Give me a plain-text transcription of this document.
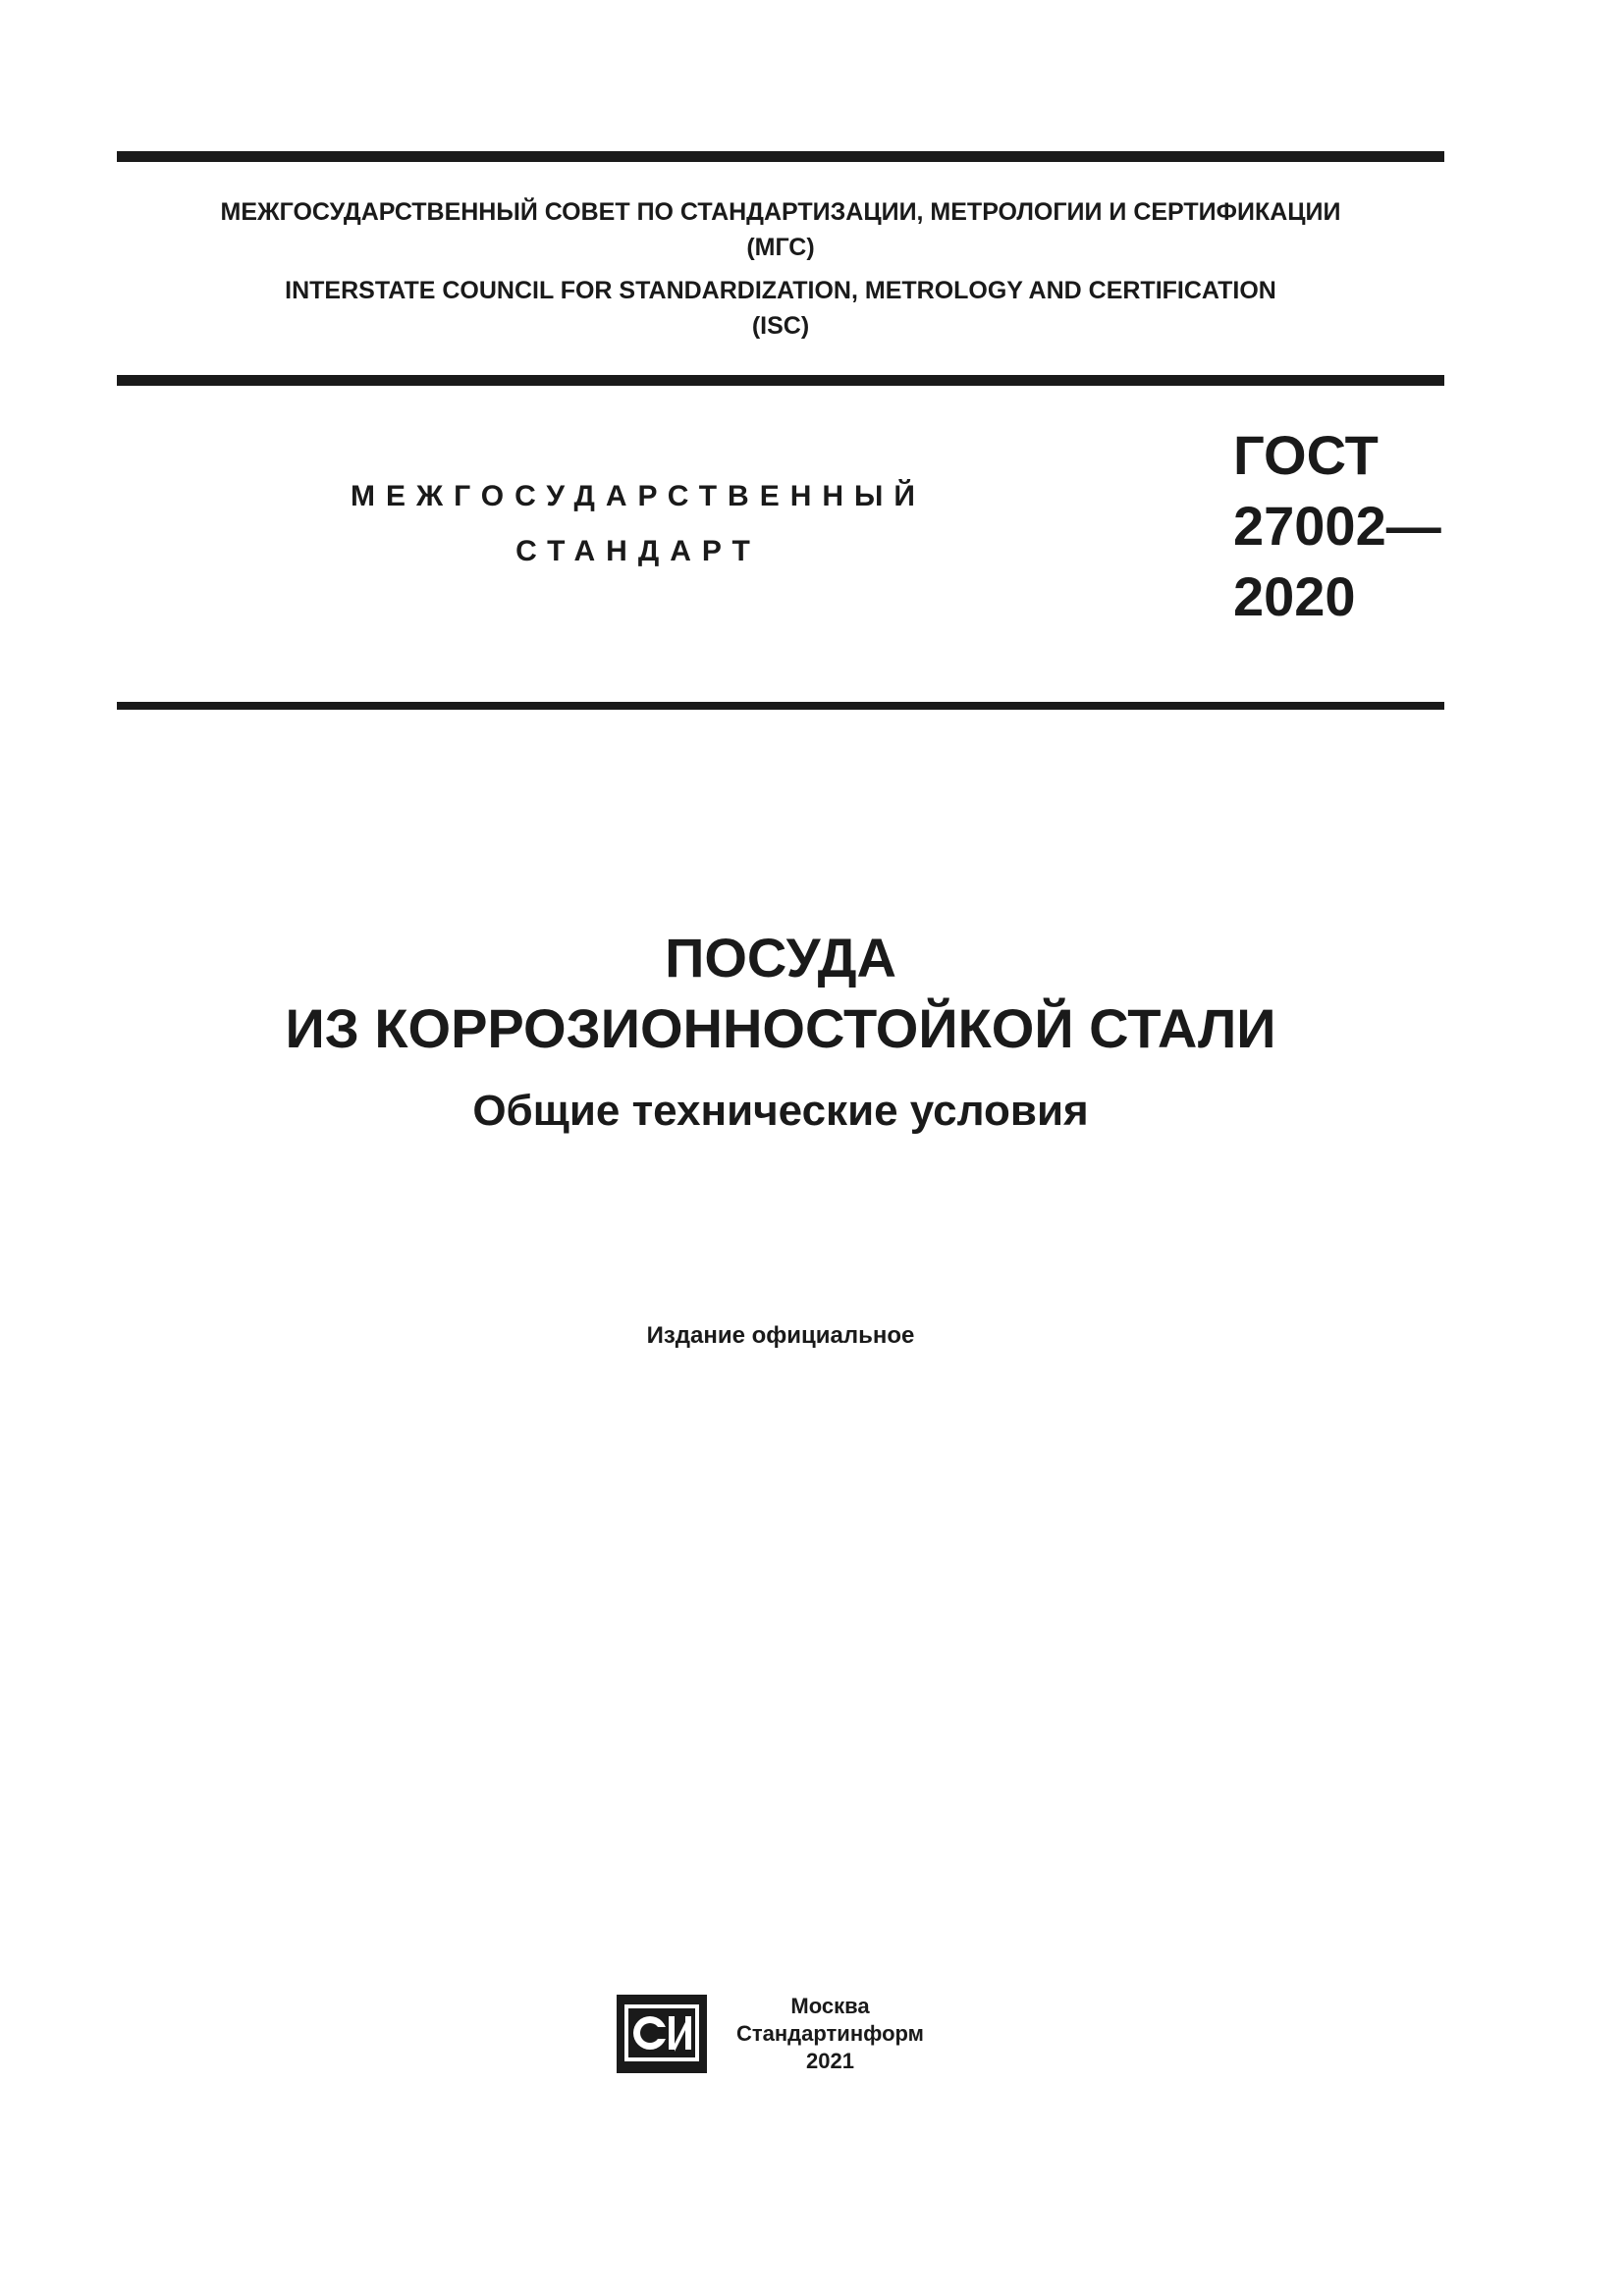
МЕЖГОСУДАРСТВЕННЫЙ СОВЕТ ПО СТАНДАРТИЗАЦИИ, МЕТРОЛОГИИ И СЕРТИФИКАЦИИ
(МГС)
INTERSTATE COUNCIL FOR STANDARDIZATION, METROLOGY AND CERTIFICATION
(ISC)
МЕЖГОСУДАРСТВЕННЫЙ
СТАНДАРТ
ГОСТ
27002—
2020
ПОСУДА
ИЗ КОРРОЗИОННОСТОЙКОЙ СТАЛИ
Общие технические условия
Издание официальное
Москва
Стандартинформ
2021
